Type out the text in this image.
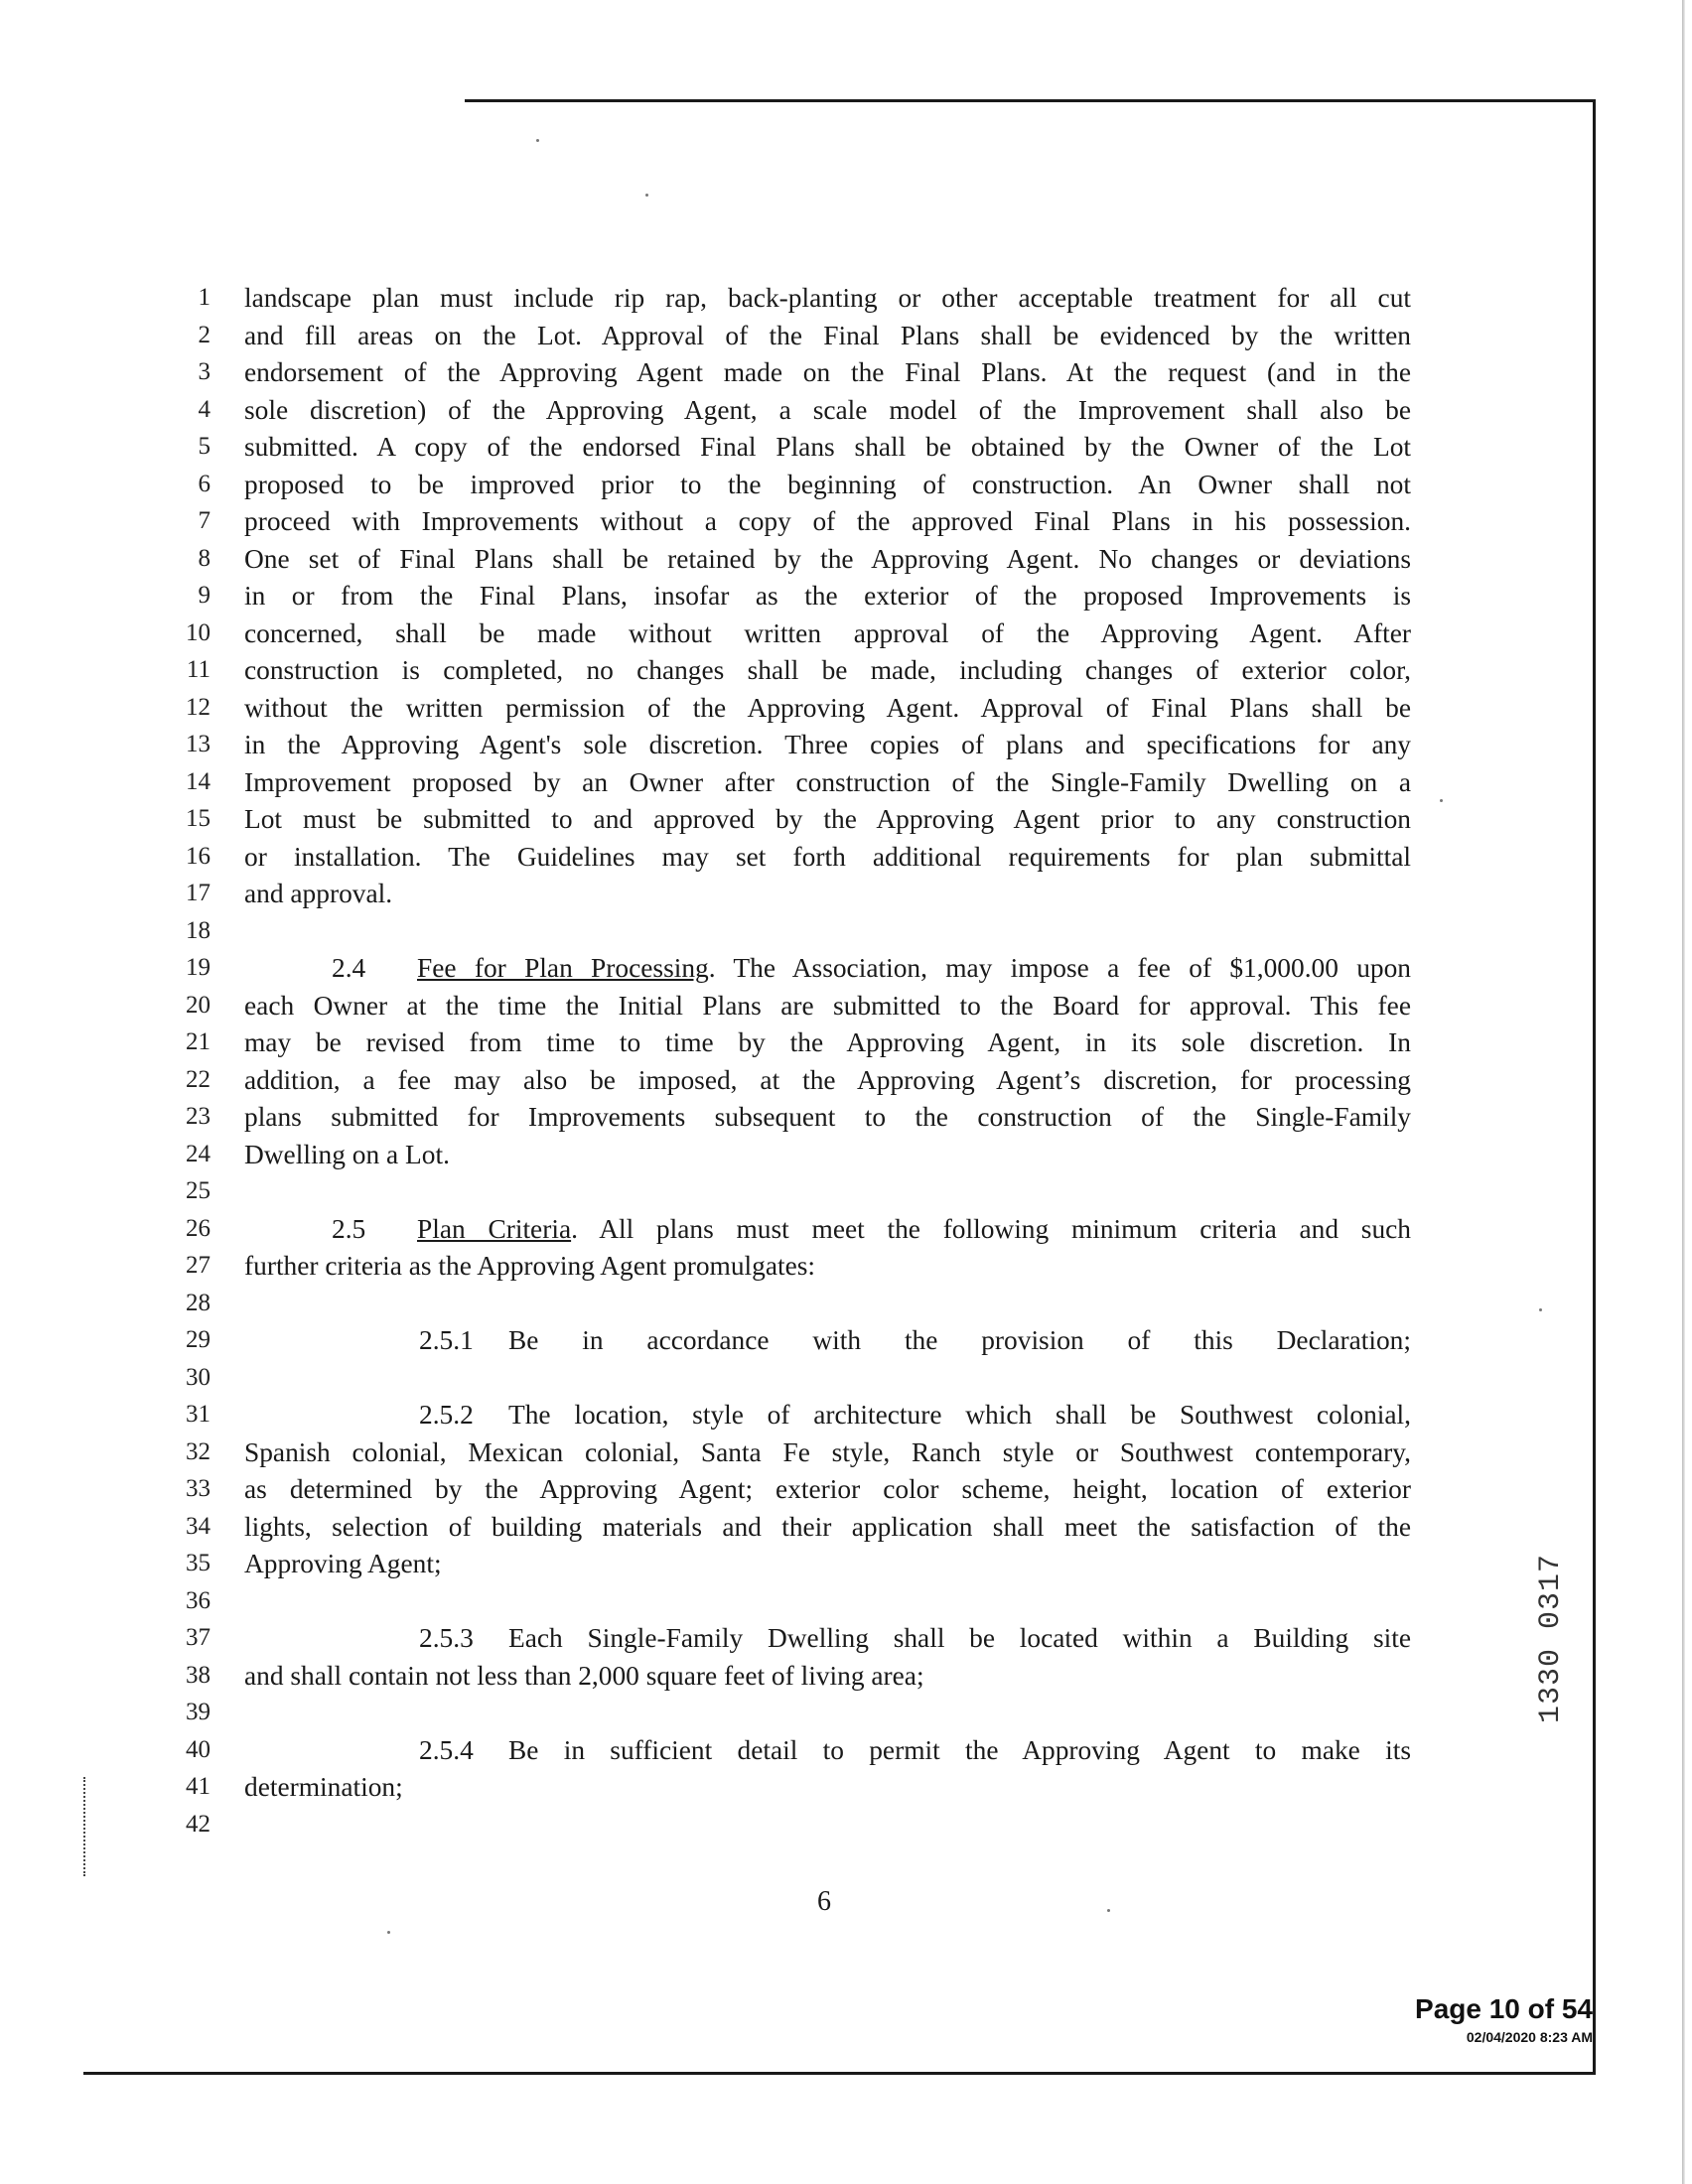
1
2
3
4
5
6
7
8
9
10
11
12
13
14
15
16
17
18
19
20
21
22
23
24
25
26
27
28
29
30
31
32
33
34
35
36
37
38
39
40
41
42
landscape plan must include rip rap, back-planting or other acceptable treatment for all cut
and fill areas on the Lot. Approval of the Final Plans shall be evidenced by the written
endorsement of the Approving Agent made on the Final Plans. At the request (and in the
sole discretion) of the Approving Agent, a scale model of the Improvement shall also be
submitted. A copy of the endorsed Final Plans shall be obtained by the Owner of the Lot
proposed to be improved prior to the beginning of construction. An Owner shall not
proceed with Improvements without a copy of the approved Final Plans in his possession.
One set of Final Plans shall be retained by the Approving Agent. No changes or deviations
in or from the Final Plans, insofar as the exterior of the proposed Improvements is
concerned, shall be made without written approval of the Approving Agent. After
construction is completed, no changes shall be made, including changes of exterior color,
without the written permission of the Approving Agent. Approval of Final Plans shall be
in the Approving Agent's sole discretion. Three copies of plans and specifications for any
Improvement proposed by an Owner after construction of the Single-Family Dwelling on a
Lot must be submitted to and approved by the Approving Agent prior to any construction
or installation. The Guidelines may set forth additional requirements for plan submittal
and approval.

2.4	Fee for Plan Processing. The Association, may impose a fee of $1,000.00 upon
each Owner at the time the Initial Plans are submitted to the Board for approval. This fee
may be revised from time to time by the Approving Agent, in its sole discretion. In
addition, a fee may also be imposed, at the Approving Agent’s discretion, for processing
plans submitted for Improvements subsequent to the construction of the Single-Family
Dwelling on a Lot.

2.5	Plan Criteria. All plans must meet the following minimum criteria and such
further criteria as the Approving Agent promulgates:

2.5.1	Be in accordance with the provision of this Declaration;

2.5.2	The location, style of architecture which shall be Southwest colonial,
Spanish colonial, Mexican colonial, Santa Fe style, Ranch style or Southwest contemporary,
as determined by the Approving Agent; exterior color scheme, height, location of exterior
lights, selection of building materials and their application shall meet the satisfaction of the
Approving Agent;

2.5.3	Each Single-Family Dwelling shall be located within a Building site
and shall contain not less than 2,000 square feet of living area;

2.5.4	Be in sufficient detail to permit the Approving Agent to make its
determination;

6
1330 0317
Page 10 of 54
02/04/2020 8:23 AM
